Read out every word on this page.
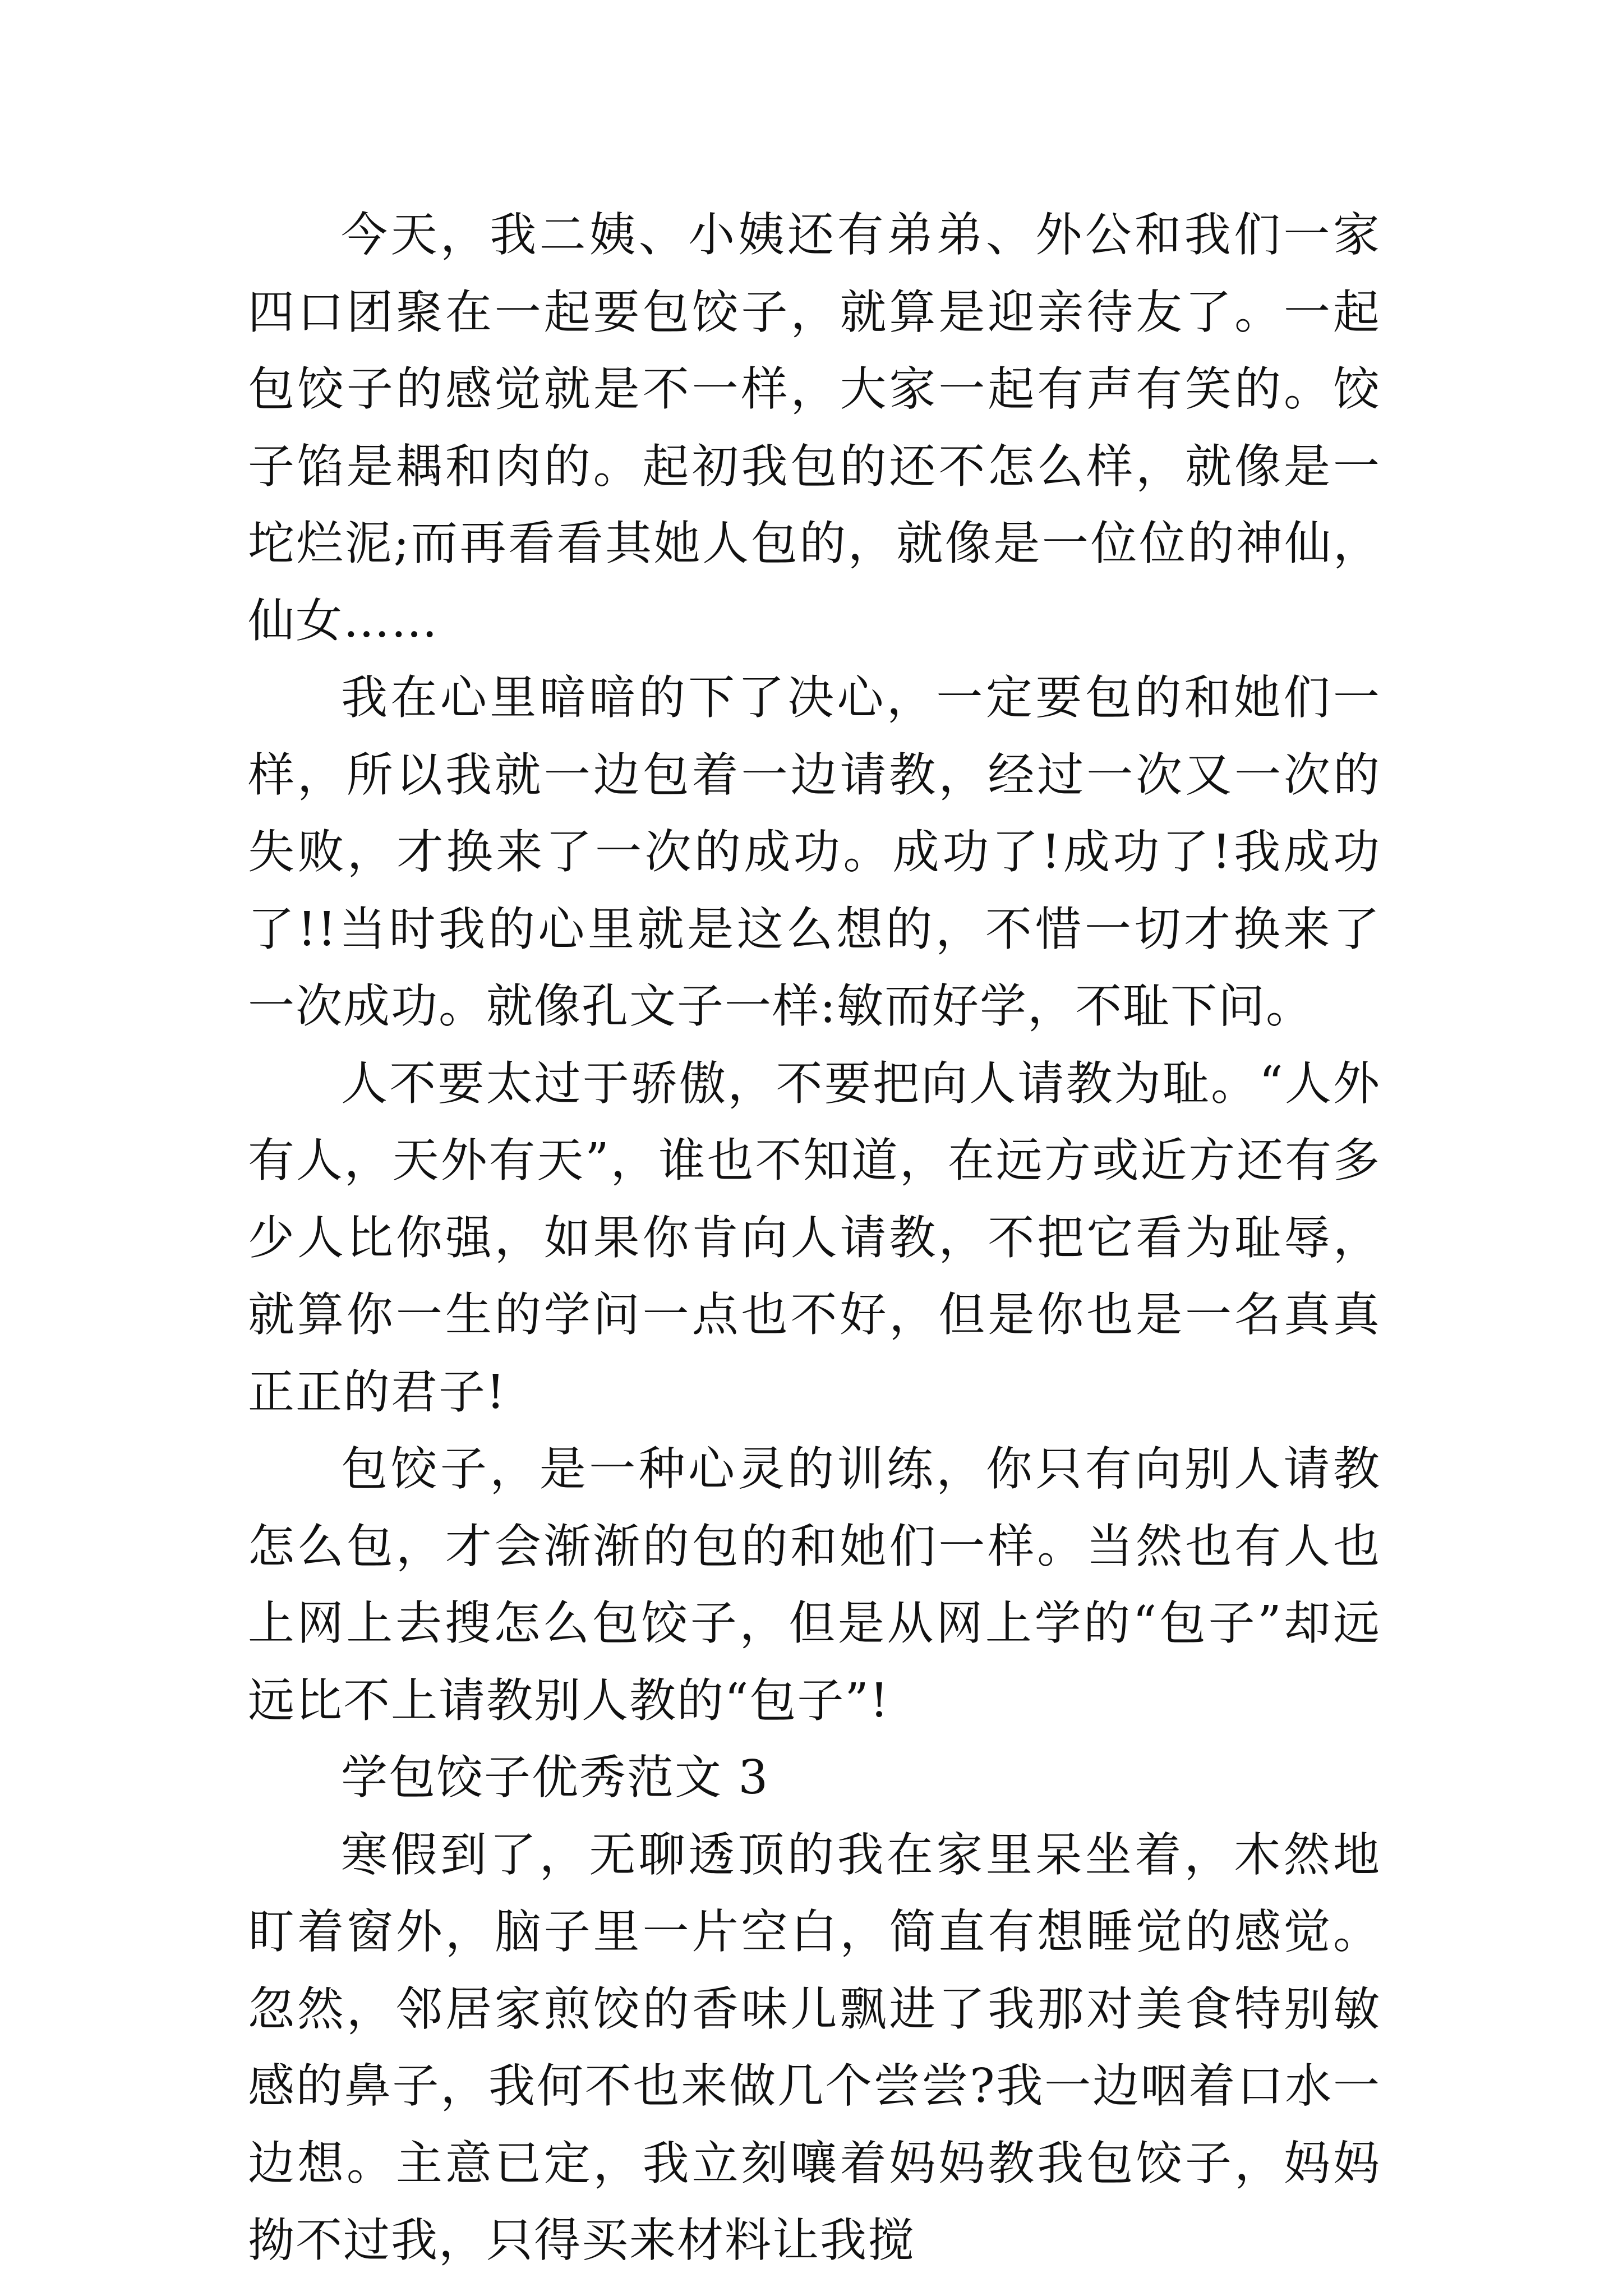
今天，我二姨、小姨还有弟弟、外公和我们一家四口团聚在一起要包饺子，就算是迎亲待友了。一起包饺子的感觉就是不一样，大家一起有声有笑的。饺子馅是耦和肉的。起初我包的还不怎么样，就像是一坨烂泥;而再看看其她人包的，就像是一位位的神仙，仙女……

我在心里暗暗的下了决心，一定要包的和她们一样，所以我就一边包着一边请教，经过一次又一次的失败，才换来了一次的成功。成功了!成功了!我成功了!!当时我的心里就是这么想的，不惜一切才换来了一次成功。就像孔文子一样:敏而好学，不耻下问。

人不要太过于骄傲，不要把向人请教为耻。“人外有人，天外有天”，谁也不知道，在远方或近方还有多少人比你强，如果你肯向人请教，不把它看为耻辱，就算你一生的学问一点也不好，但是你也是一名真真正正的君子!

包饺子，是一种心灵的训练，你只有向别人请教怎么包，才会渐渐的包的和她们一样。当然也有人也上网上去搜怎么包饺子，但是从网上学的“包子”却远远比不上请教别人教的“包子”!

学包饺子优秀范文 3

寒假到了，无聊透顶的我在家里呆坐着，木然地盯着窗外，脑子里一片空白，简直有想睡觉的感觉。忽然，邻居家煎饺的香味儿飘进了我那对美食特别敏感的鼻子，我何不也来做几个尝尝?我一边咽着口水一边想。主意已定，我立刻嚷着妈妈教我包饺子，妈妈拗不过我，只得买来材料让我搅
